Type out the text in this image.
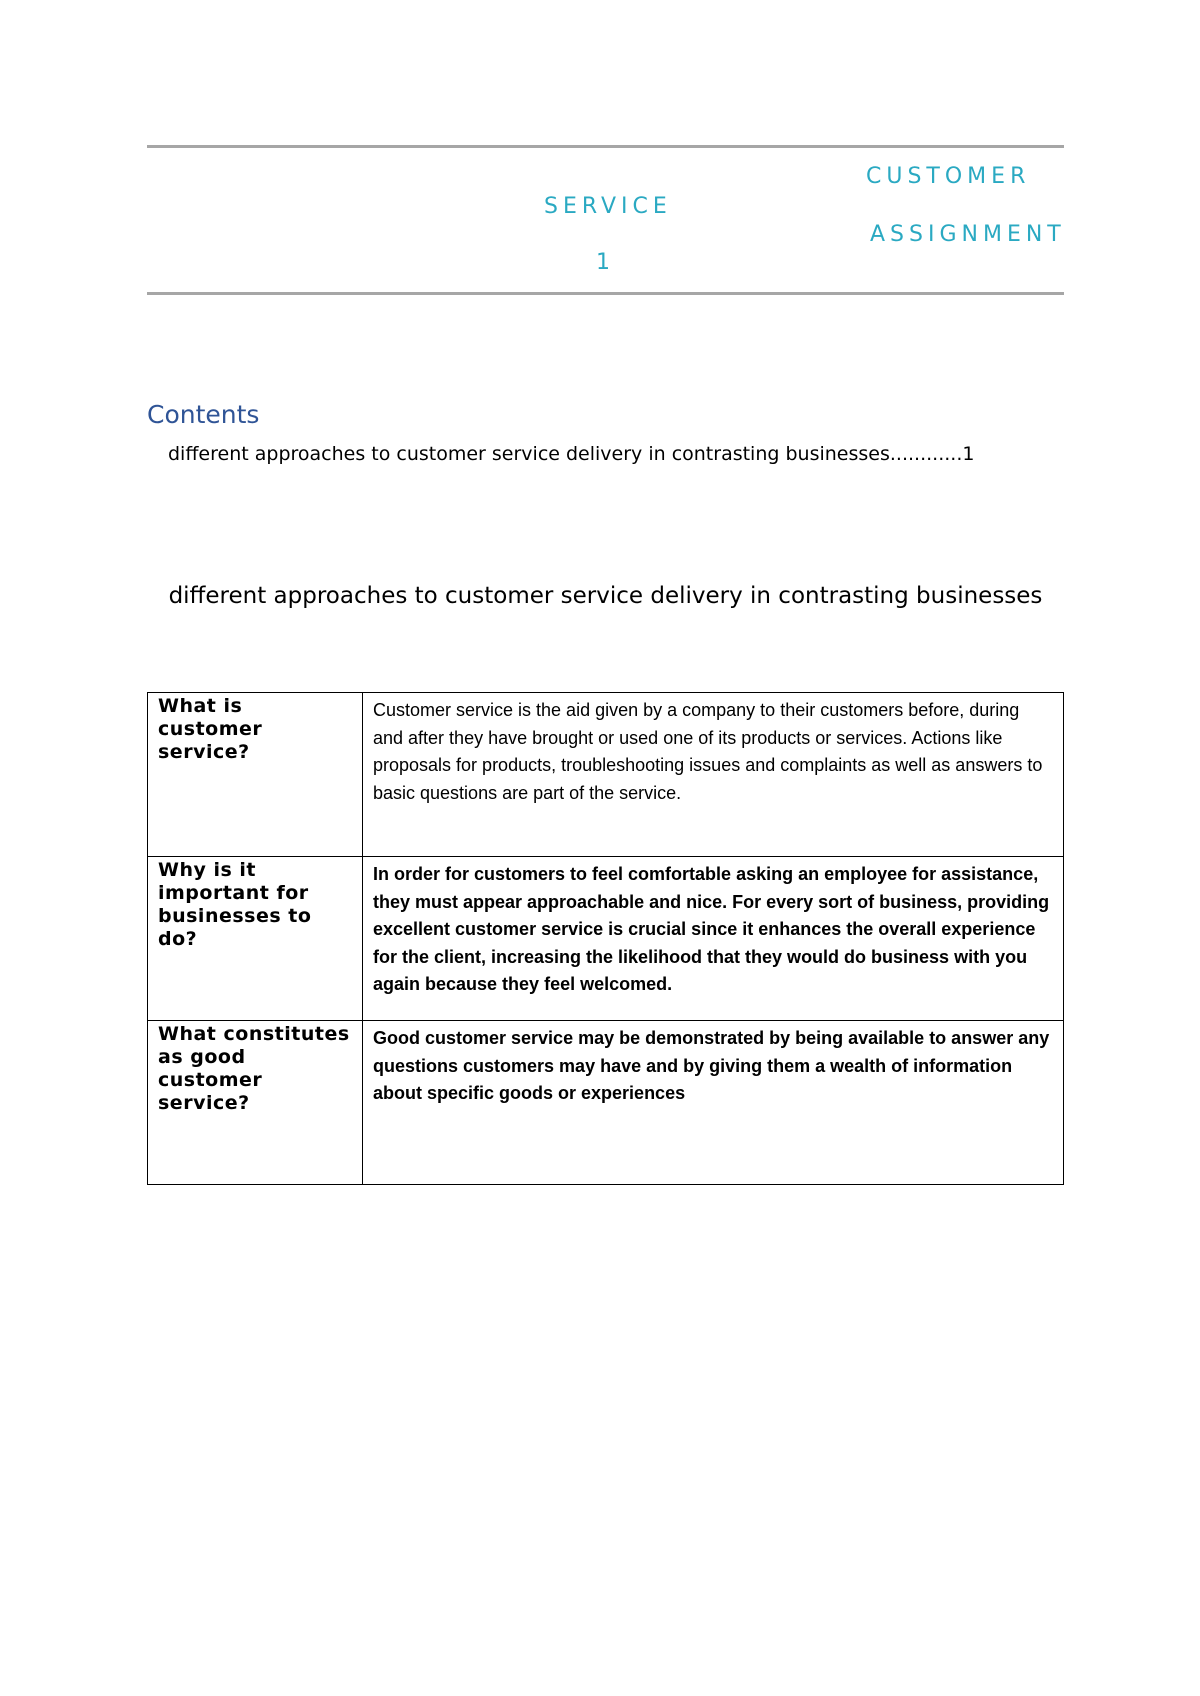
CUSTOMER
SERVICE
ASSIGNMENT
1
Contents
different approaches to customer service delivery in contrasting businesses............1
different approaches to customer service delivery in contrasting businesses
What is customer service?	Customer service is the aid given by a company to their customers before, during and after they have brought or used one of its products or services. Actions like proposals for products, troubleshooting issues and complaints as well as answers to basic questions are part of the service.
Why is it important for businesses to do?	In order for customers to feel comfortable asking an employee for assistance, they must appear approachable and nice. For every sort of business, providing excellent customer service is crucial since it enhances the overall experience for the client, increasing the likelihood that they would do business with you again because they feel welcomed.
What constitutes as good customer service?	Good customer service may be demonstrated by being available to answer any questions customers may have and by giving them a wealth of information about specific goods or experiences
